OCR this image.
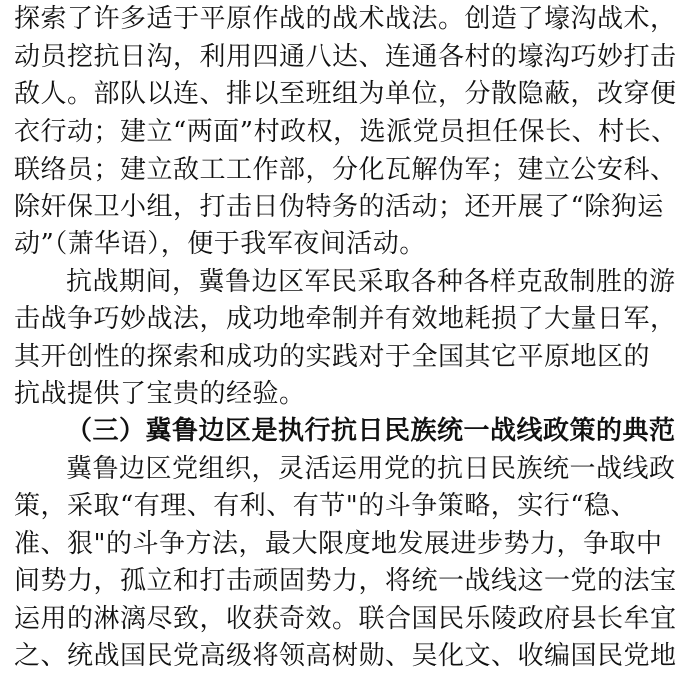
探索了许多适于平原作战的战术战法。创造了壕沟战术，
动员挖抗日沟，利用四通八达、连通各村的壕沟巧妙打击
敌人。部队以连、排以至班组为单位，分散隐蔽，改穿便
衣行动；建立“两面”村政权，选派党员担任保长、村长、
联络员；建立敌工工作部，分化瓦解伪军；建立公安科、
除奸保卫小组，打击日伪特务的活动；还开展了“除狗运
动”（萧华语），便于我军夜间活动。
抗战期间，冀鲁边区军民采取各种各样克敌制胜的游
击战争巧妙战法，成功地牵制并有效地耗损了大量日军，
其开创性的探索和成功的实践对于全国其它平原地区的
抗战提供了宝贵的经验。
（三）冀鲁边区是执行抗日民族统一战线政策的典范
冀鲁边区党组织，灵活运用党的抗日民族统一战线政
策，采取“有理、有利、有节"的斗争策略，实行“稳、
准、狠"的斗争方法，最大限度地发展进步势力，争取中
间势力，孤立和打击顽固势力，将统一战线这一党的法宝
运用的淋漓尽致，收获奇效。联合国民乐陵政府县长牟宜
之、统战国民党高级将领高树勋、吴化文、收编国民党地
